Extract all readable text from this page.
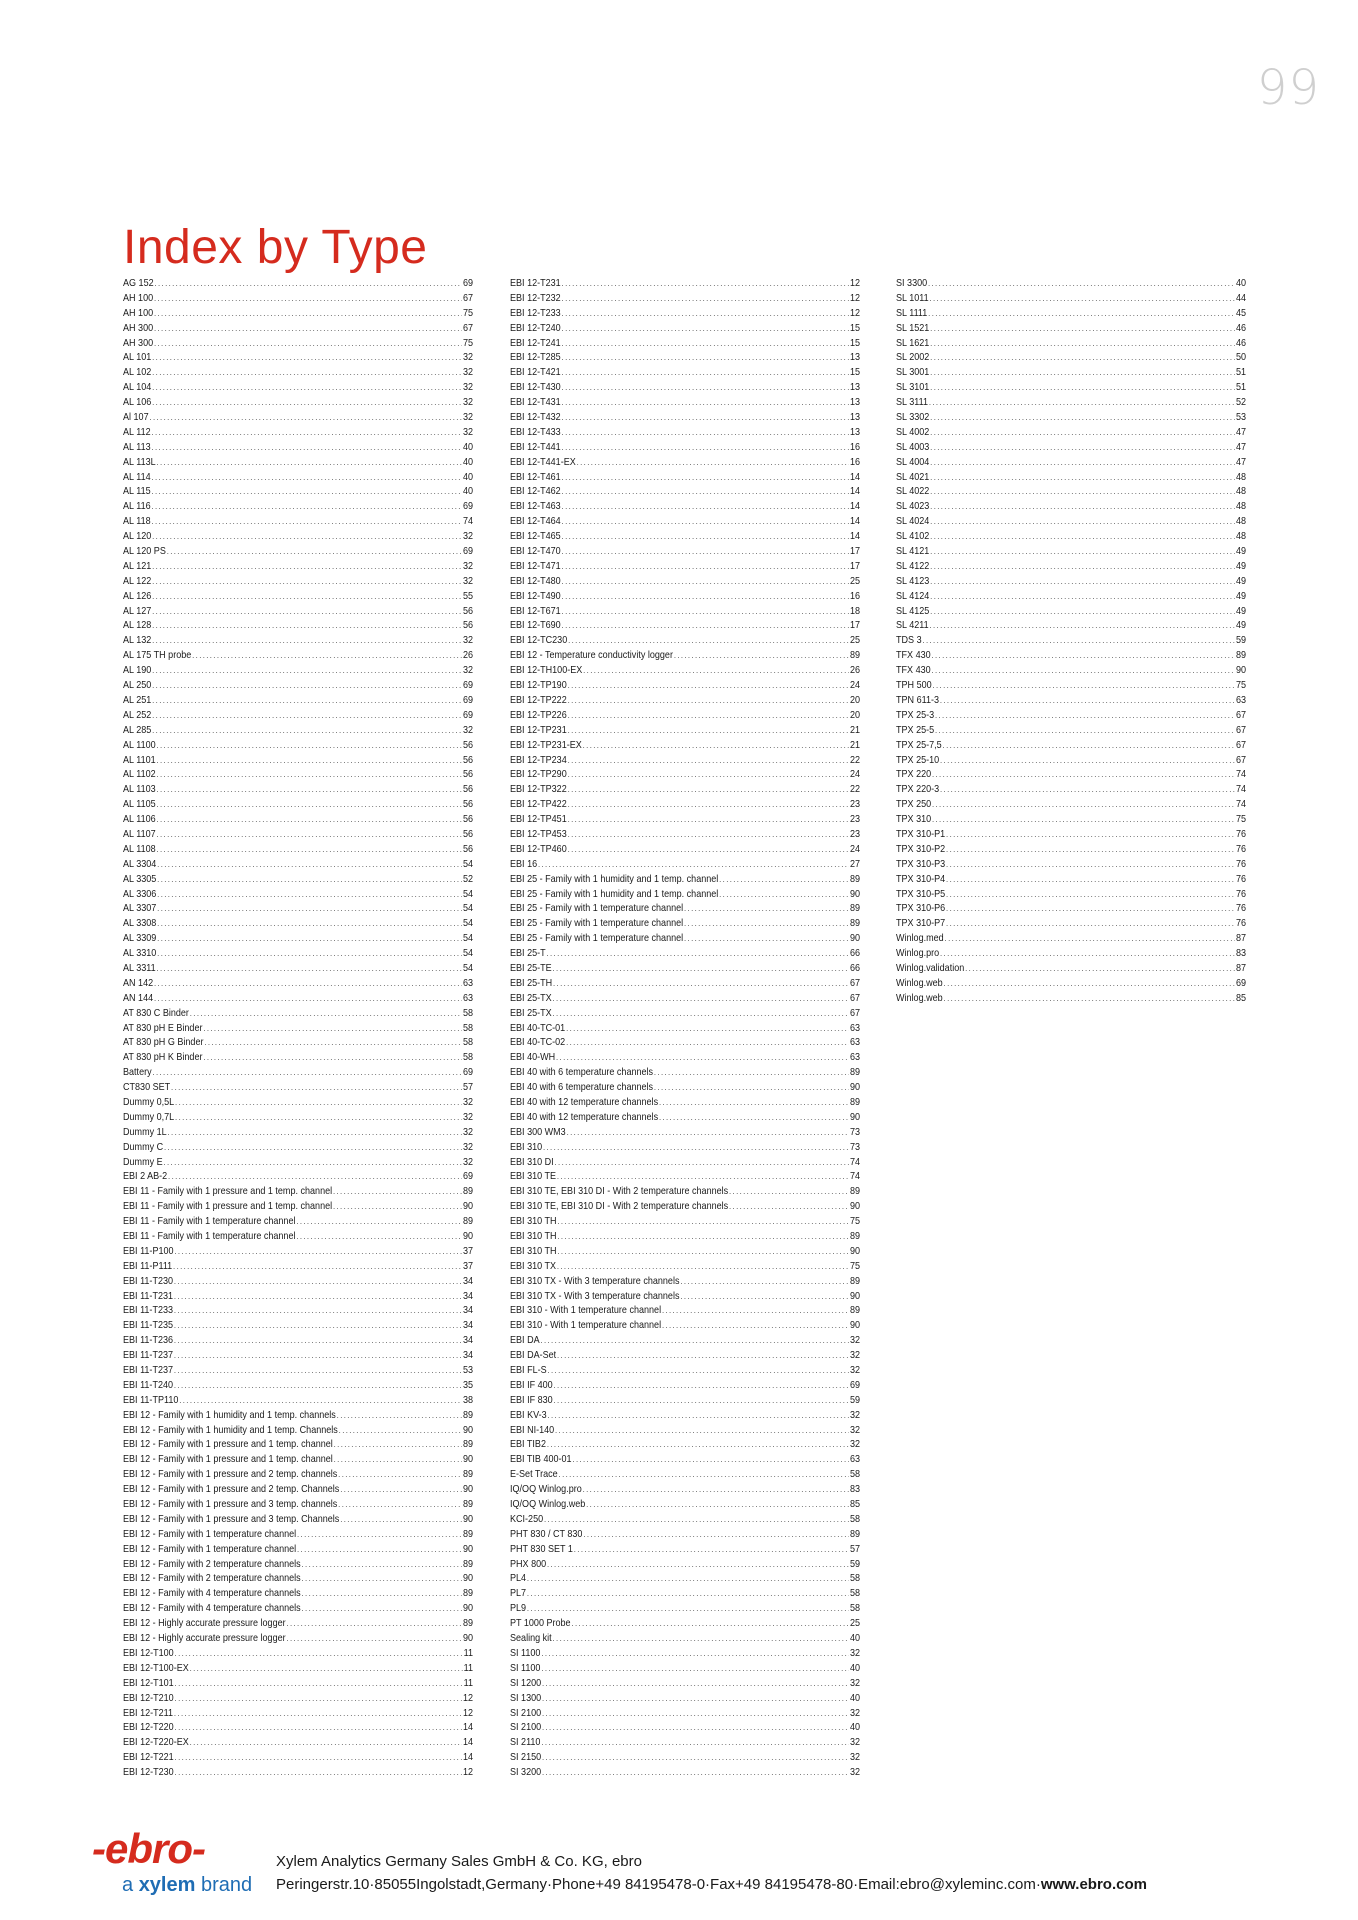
99
Index by Type
AG 152 .....	69
AH 100 .....	67
AH 100 .....	75
AH 300 .....	67
AH 300 .....	75
AL 101 .....	32
AL 102 .....	32
AL 104 .....	32
AL 106 .....	32
Al 107 .....	32
AL 112 .....	32
AL 113 .....	40
AL 113L .....	40
AL 114 .....	40
AL 115 .....	40
AL 116 .....	69
AL 118 .....	74
AL 120 .....	32
AL 120 PS .....	69
AL 121 .....	32
AL 122 .....	32
AL 126 .....	55
AL 127 .....	56
AL 128 .....	56
AL 132 .....	32
AL 175 TH probe .....	26
AL 190 .....	32
AL 250 .....	69
AL 251 .....	69
AL 252 .....	69
AL 285 .....	32
AL 1100 .....	56
AL 1101 .....	56
AL 1102 .....	56
AL 1103 .....	56
AL 1105 .....	56
AL 1106 .....	56
AL 1107 .....	56
AL 1108 .....	56
AL 3304 .....	54
AL 3305 .....	52
AL 3306 .....	54
AL 3307 .....	54
AL 3308 .....	54
AL 3309 .....	54
AL 3310 .....	54
AL 3311 .....	54
AN 142 .....	63
AN 144 .....	63
AT 830 C Binder .....	58
AT 830 pH E Binder .....	58
AT 830 pH G Binder .....	58
AT 830 pH K Binder .....	58
Battery .....	69
CT830 SET .....	57
Dummy 0,5L .....	32
Dummy 0,7L .....	32
Dummy 1L .....	32
Dummy C .....	32
Dummy E .....	32
EBI 2 AB-2 .....	69
EBI 11 - Family with 1 pressure and 1 temp. channel .....	89
EBI 11 - Family with 1 pressure and 1 temp. channel .....	90
EBI 11 - Family with 1 temperature channel .....	89
EBI 11 - Family with 1 temperature channel .....	90
EBI 11-P100 .....	37
EBI 11-P111 .....	37
EBI 11-T230 .....	34
EBI 11-T231 .....	34
EBI 11-T233 .....	34
EBI 11-T235 .....	34
EBI 11-T236 .....	34
EBI 11-T237 .....	34
EBI 11-T237 .....	53
EBI 11-T240 .....	35
EBI 11-TP110 .....	38
EBI 12 - Family with 1 humidity and 1 temp. channels .....	89
EBI 12 - Family with 1 humidity and 1 temp. Channels .....	90
EBI 12 - Family with 1 pressure and 1 temp. channel .....	89
EBI 12 - Family with 1 pressure and 1 temp. channel .....	90
EBI 12 - Family with 1 pressure and 2 temp. channels .....	89
EBI 12 - Family with 1 pressure and 2 temp. Channels .....	90
EBI 12 - Family with 1 pressure and 3 temp. channels .....	89
EBI 12 - Family with 1 pressure and 3 temp. Channels .....	90
EBI 12 - Family with 1 temperature channel .....	89
EBI 12 - Family with 1 temperature channel .....	90
EBI 12 - Family with 2 temperature channels .....	89
EBI 12 - Family with 2 temperature channels .....	90
EBI 12 - Family with 4 temperature channels .....	89
EBI 12 - Family with 4 temperature channels .....	90
EBI 12 - Highly accurate pressure logger .....	89
EBI 12 - Highly accurate pressure logger .....	90
EBI 12-T100 .....	11
EBI 12-T100-EX .....	11
EBI 12-T101 .....	11
EBI 12-T210 .....	12
EBI 12-T211 .....	12
EBI 12-T220 .....	14
EBI 12-T220-EX .....	14
EBI 12-T221 .....	14
EBI 12-T230 .....	12
EBI 12-T231 .....	12
EBI 12-T232 .....	12
EBI 12-T233 .....	12
EBI 12-T240 .....	15
EBI 12-T241 .....	15
EBI 12-T285 .....	13
EBI 12-T421 .....	15
EBI 12-T430 .....	13
EBI 12-T431 .....	13
EBI 12-T432 .....	13
EBI 12-T433 .....	13
EBI 12-T441 .....	16
EBI 12-T441-EX .....	16
EBI 12-T461 .....	14
EBI 12-T462 .....	14
EBI 12-T463 .....	14
EBI 12-T464 .....	14
EBI 12-T465 .....	14
EBI 12-T470 .....	17
EBI 12-T471 .....	17
EBI 12-T480 .....	25
EBI 12-T490 .....	16
EBI 12-T671 .....	18
EBI 12-T690 .....	17
EBI 12-TC230 .....	25
EBI 12 - Temperature conductivity logger .....	89
EBI 12-TH100-EX .....	26
EBI 12-TP190 .....	24
EBI 12-TP222 .....	20
EBI 12-TP226 .....	20
EBI 12-TP231 .....	21
EBI 12-TP231-EX .....	21
EBI 12-TP234 .....	22
EBI 12-TP290 .....	24
EBI 12-TP322 .....	22
EBI 12-TP422 .....	23
EBI 12-TP451 .....	23
EBI 12-TP453 .....	23
EBI 12-TP460 .....	24
EBI 16 .....	27
EBI 25 - Family with 1 humidity and 1 temp. channel .....	89
EBI 25 - Family with 1 humidity and 1 temp. channel .....	90
EBI 25 - Family with 1 temperature channel .....	89
EBI 25 - Family with 1 temperature channel .....	89
EBI 25 - Family with 1 temperature channel .....	90
EBI 25-T .....	66
EBI 25-TE .....	66
EBI 25-TH .....	67
EBI 25-TX .....	67
EBI 25-TX .....	67
EBI 40-TC-01 .....	63
EBI 40-TC-02 .....	63
EBI 40-WH .....	63
EBI 40 with 6 temperature channels .....	89
EBI 40 with 6 temperature channels .....	90
EBI 40 with 12 temperature channels .....	89
EBI 40 with 12 temperature channels .....	90
EBI 300 WM3 .....	73
EBI 310 .....	73
EBI 310 DI .....	74
EBI 310 TE .....	74
EBI 310 TE, EBI 310 DI - With 2 temperature channels .....	89
EBI 310 TE, EBI 310 DI - With 2 temperature channels .....	90
EBI 310 TH .....	75
EBI 310 TH .....	89
EBI 310 TH .....	90
EBI 310 TX .....	75
EBI 310 TX - With 3 temperature channels .....	89
EBI 310 TX - With 3 temperature channels .....	90
EBI 310 - With 1 temperature channel .....	89
EBI 310 - With 1 temperature channel .....	90
EBI DA .....	32
EBI DA-Set .....	32
EBI FL-S .....	32
EBI IF 400 .....	69
EBI IF 830 .....	59
EBI KV-3 .....	32
EBI NI-140 .....	32
EBI TIB2 .....	32
EBI TIB 400-01 .....	63
E-Set Trace .....	58
IQ/OQ Winlog.pro .....	83
IQ/OQ Winlog.web .....	85
KCI-250 .....	58
PHT 830 / CT 830 .....	89
PHT 830 SET 1 .....	57
PHX 800 .....	59
PL4 .....	58
PL7 .....	58
PL9 .....	58
PT 1000 Probe .....	25
Sealing kit .....	40
SI 1100 .....	32
SI 1100 .....	40
SI 1200 .....	32
SI 1300 .....	40
SI 2100 .....	32
SI 2100 .....	40
SI 2110 .....	32
SI 2150 .....	32
SI 3200 .....	32
SI 3300 .....	40
SL 1011 .....	44
SL 1111 .....	45
SL 1521 .....	46
SL 1621 .....	46
SL 2002 .....	50
SL 3001 .....	51
SL 3101 .....	51
SL 3111 .....	52
SL 3302 .....	53
SL 4002 .....	47
SL 4003 .....	47
SL 4004 .....	47
SL 4021 .....	48
SL 4022 .....	48
SL 4023 .....	48
SL 4024 .....	48
SL 4102 .....	48
SL 4121 .....	49
SL 4122 .....	49
SL 4123 .....	49
SL 4124 .....	49
SL 4125 .....	49
SL 4211 .....	49
TDS 3 .....	59
TFX 430 .....	89
TFX 430 .....	90
TPH 500 .....	75
TPN 611-3 .....	63
TPX 25-3 .....	67
TPX 25-5 .....	67
TPX 25-7,5 .....	67
TPX 25-10 .....	67
TPX 220 .....	74
TPX 220-3 .....	74
TPX 250 .....	74
TPX 310 .....	75
TPX 310-P1 .....	76
TPX 310-P2 .....	76
TPX 310-P3 .....	76
TPX 310-P4 .....	76
TPX 310-P5 .....	76
TPX 310-P6 .....	76
TPX 310-P7 .....	76
Winlog.med .....	87
Winlog.pro .....	83
Winlog.validation .....	87
Winlog.web .....	69
Winlog.web .....	85
-ebro-
a xylem brand
Xylem Analytics Germany Sales GmbH & Co. KG, ebro
Peringerstr.10·85055Ingolstadt,Germany·Phone+49 84195478-0·Fax+49 84195478-80·Email:ebro@xyleminc.com·www.ebro.com
